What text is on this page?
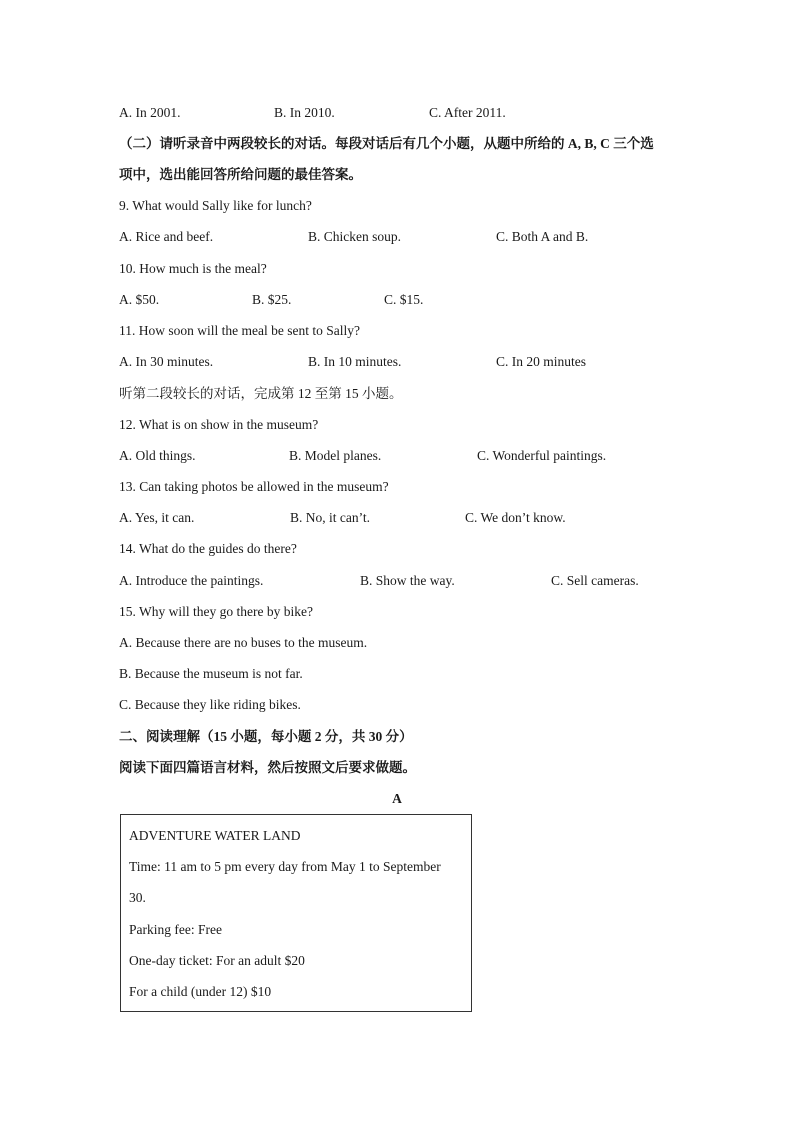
A. In 2001.	B. In 2010.	C. After 2011.
（二）请听录音中两段较长的对话。每段对话后有几个小题，从题中所给的 A, B, C 三个选
项中，选出能回答所给问题的最佳答案。
9. What would Sally like for lunch?
A. Rice and beef.	B. Chicken soup.	C. Both A and B.
10. How much is the meal?
A. $50.	B. $25.	C. $15.
11. How soon will the meal be sent to Sally?
A. In 30 minutes.	B. In 10 minutes.	C. In 20 minutes
听第二段较长的对话，完成第 12 至第 15 小题。
12. What is on show in the museum?
A. Old things.	B. Model planes.	C. Wonderful paintings.
13. Can taking photos be allowed in the museum?
A. Yes, it can.	B. No, it can’t.	C. We don’t know.
14. What do the guides do there?
A. Introduce the paintings.	B. Show the way.	C. Sell cameras.
15. Why will they go there by bike?
A. Because there are no buses to the museum.
B. Because the museum is not far.
C. Because they like riding bikes.
二、阅读理解（15 小题，每小题 2 分，共 30 分）
阅读下面四篇语言材料，然后按照文后要求做题。
A
ADVENTURE WATER LAND
Time: 11 am to 5 pm every day from May 1 to September
30.
Parking fee: Free
One-day ticket: For an adult $20
For a child (under 12) $10
